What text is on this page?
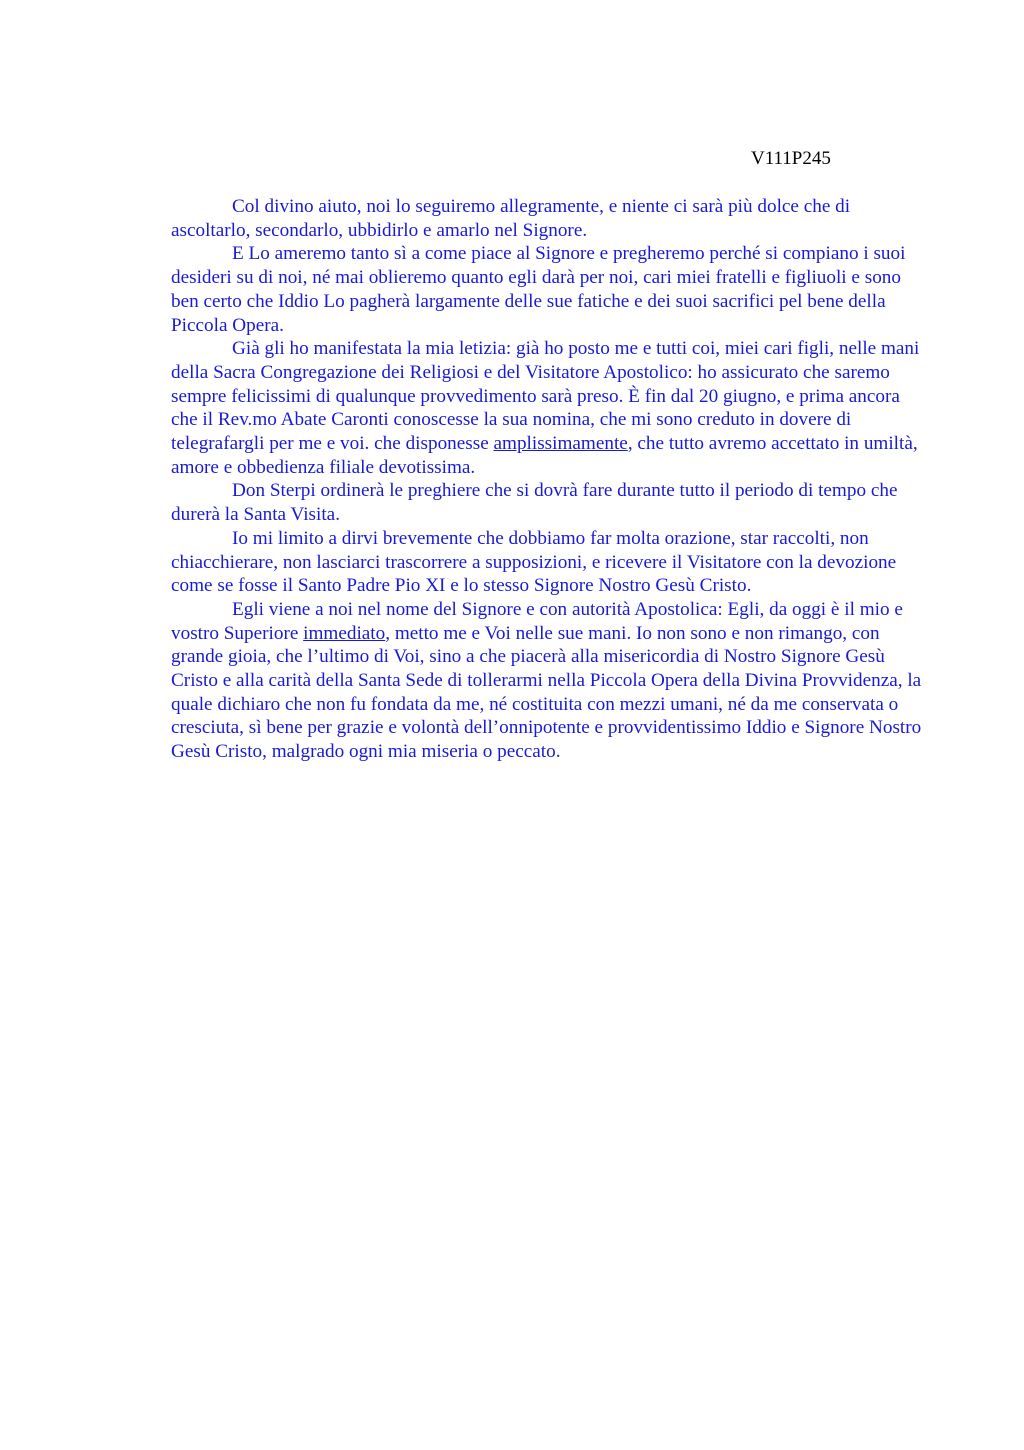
V111P245

Col divino aiuto, noi lo seguiremo allegramente, e niente ci sarà più dolce che di ascoltarlo, secondarlo, ubbidirlo e amarlo nel Signore.

E Lo ameremo tanto sì a come piace al Signore e pregheremo perché si compiano i suoi desideri su di noi, né mai oblieremo quanto egli darà per noi, cari miei fratelli e figliuoli e sono ben certo che Iddio Lo pagherà largamente delle sue fatiche e dei suoi sacrifici pel bene della Piccola Opera.

Già gli ho manifestata la mia letizia: già ho posto me e tutti coi, miei cari figli, nelle mani della Sacra Congregazione dei Religiosi e del Visitatore Apostolico: ho assicurato che saremo sempre felicissimi di qualunque provvedimento sarà preso. È fin dal 20 giugno, e prima ancora che il Rev.mo Abate Caronti conoscesse la sua nomina, che mi sono creduto in dovere di telegrafargli per me e voi. che disponesse amplissimamente, che tutto avremo accettato in umiltà, amore e obbedienza filiale devotissima.

Don Sterpi ordinerà le preghiere che si dovrà fare durante tutto il periodo di tempo che durerà la Santa Visita.

Io mi limito a dirvi brevemente che dobbiamo far molta orazione, star raccolti, non chiacchierare, non lasciarci trascorrere a supposizioni, e ricevere il Visitatore con la devozione come se fosse il Santo Padre Pio XI e lo stesso Signore Nostro Gesù Cristo.

Egli viene a noi nel nome del Signore e con autorità Apostolica: Egli, da oggi è il mio e vostro Superiore immediato, metto me e Voi nelle sue mani. Io non sono e non rimango, con grande gioia, che l’ultimo di Voi, sino a che piacerà alla misericordia di Nostro Signore Gesù Cristo e alla carità della Santa Sede di tollerarmi nella Piccola Opera della Divina Provvidenza, la quale dichiaro che non fu fondata da me, né costituita con mezzi umani, né da me conservata o cresciuta, sì bene per grazie e volontà dell’onnipotente e provvidentissimo Iddio e Signore Nostro Gesù Cristo, malgrado ogni mia miseria o peccato.
